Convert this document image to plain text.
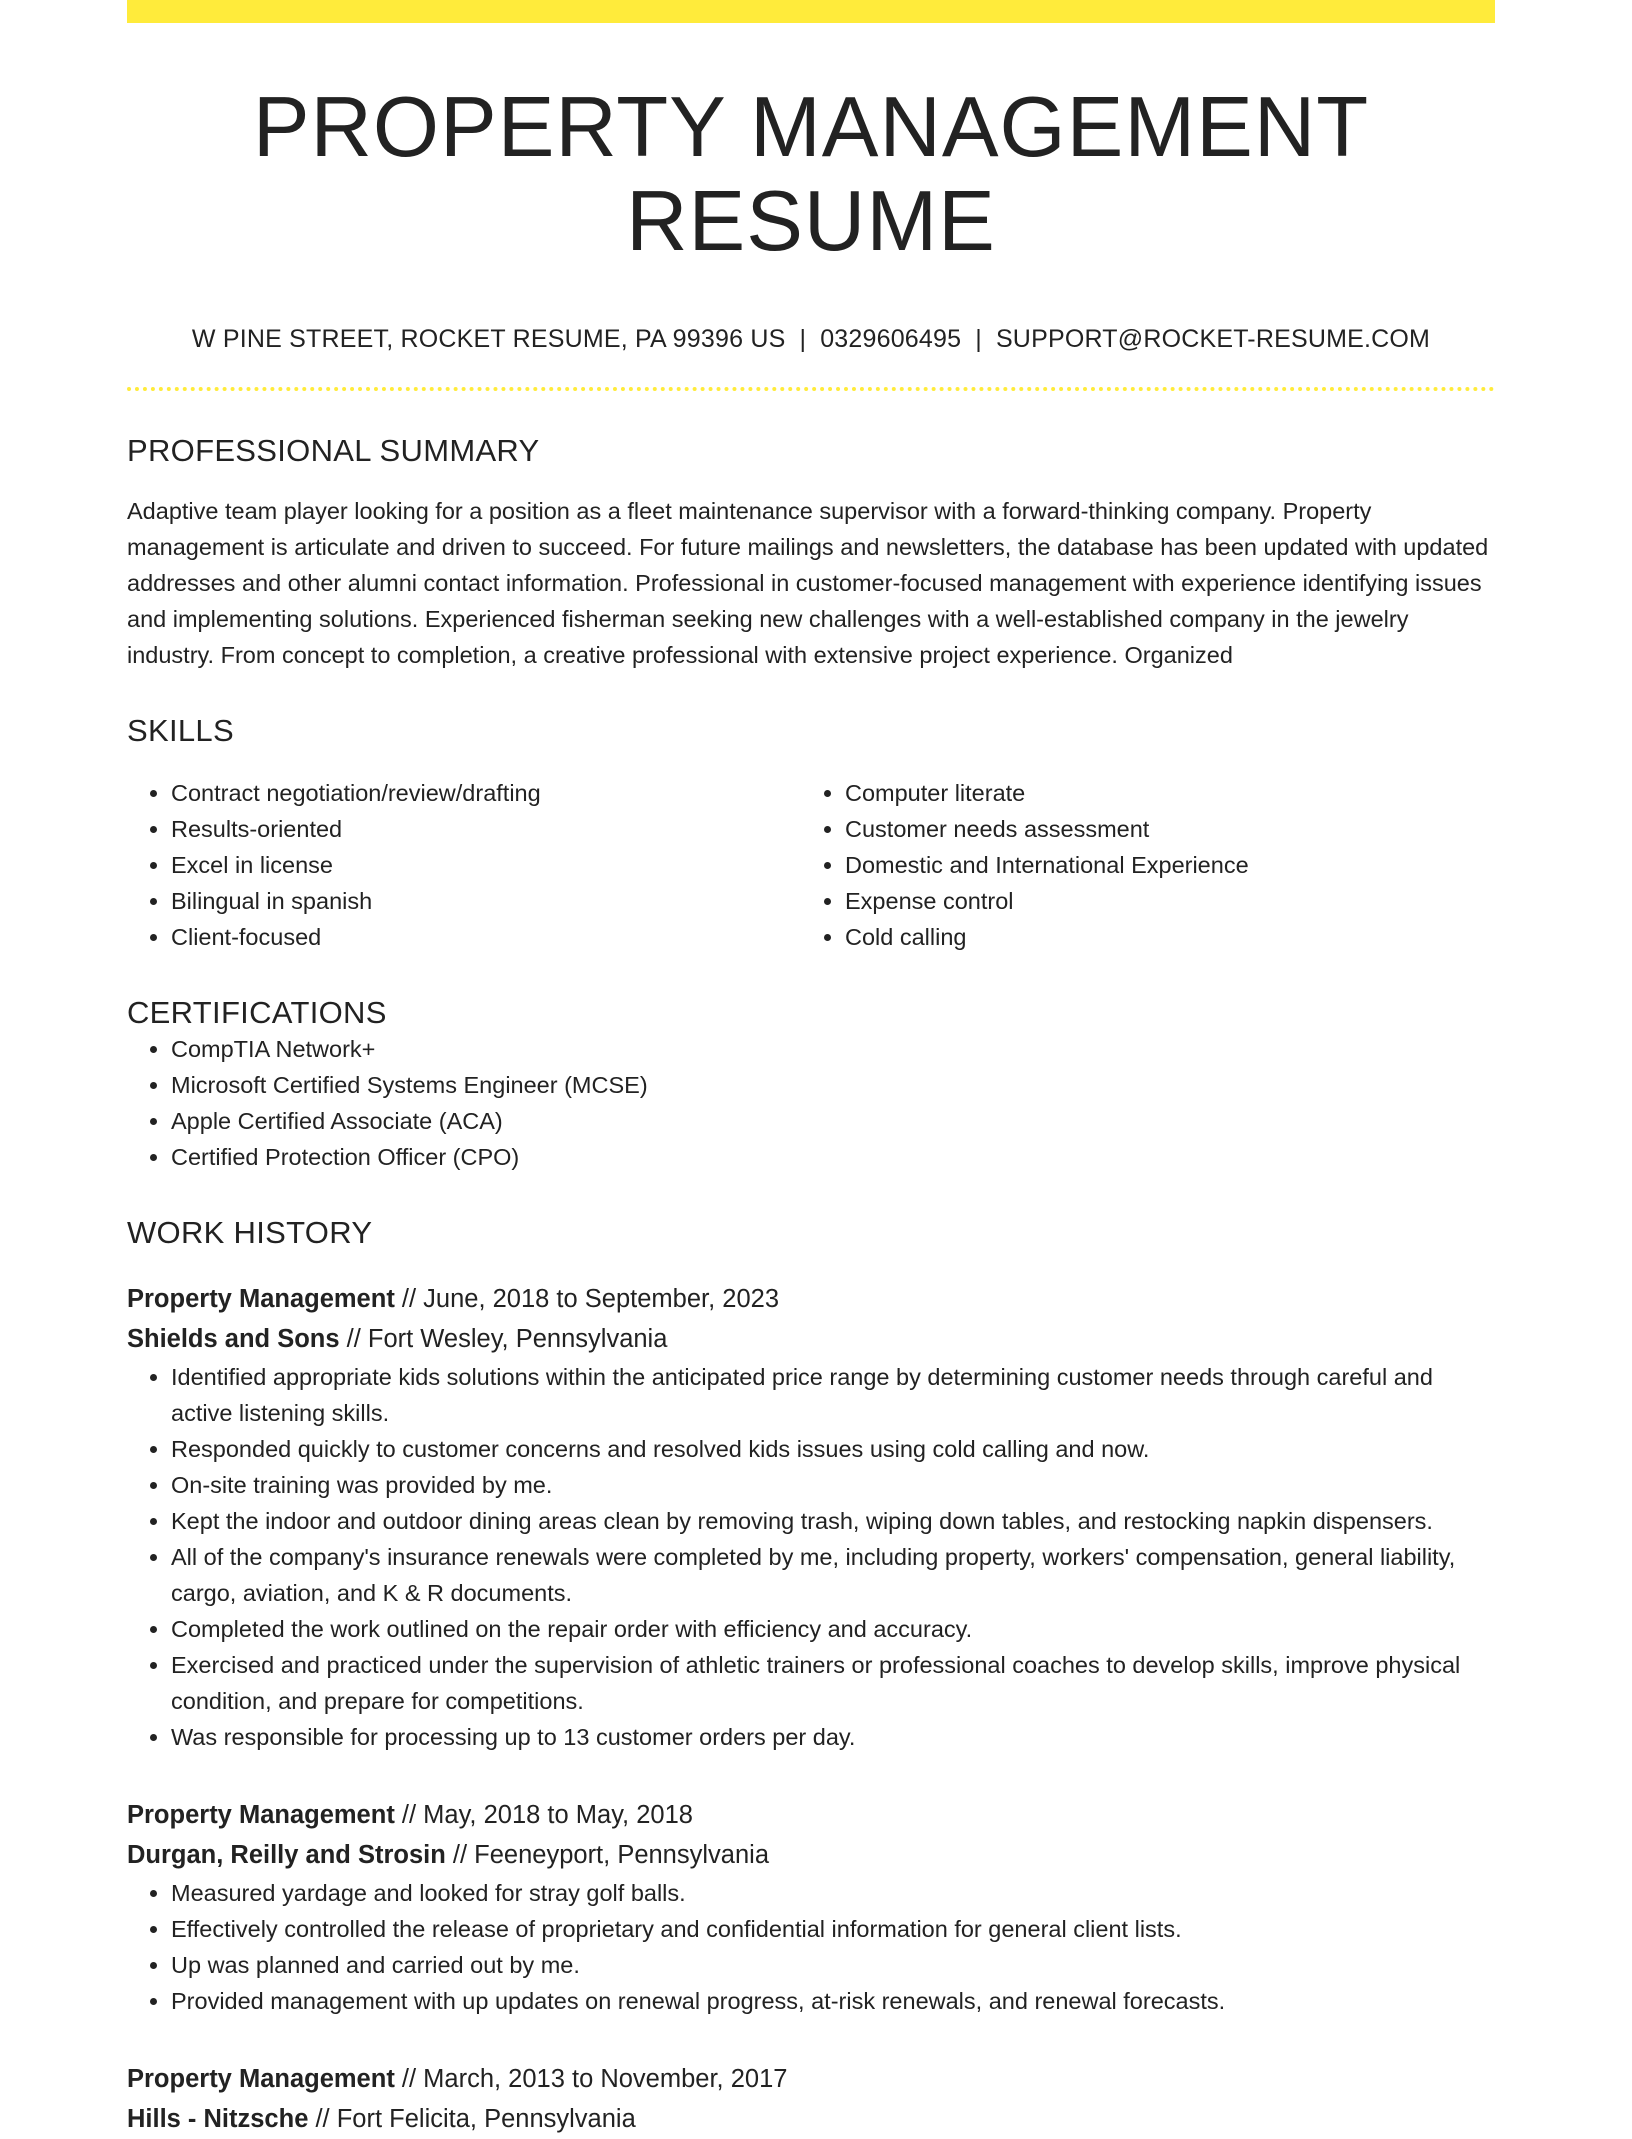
PROPERTY MANAGEMENT RESUME
W PINE STREET, ROCKET RESUME, PA 99396 US | 0329606495 | SUPPORT@ROCKET-RESUME.COM
PROFESSIONAL SUMMARY
Adaptive team player looking for a position as a fleet maintenance supervisor with a forward-thinking company. Property management is articulate and driven to succeed. For future mailings and newsletters, the database has been updated with updated addresses and other alumni contact information. Professional in customer-focused management with experience identifying issues and implementing solutions. Experienced fisherman seeking new challenges with a well-established company in the jewelry industry. From concept to completion, a creative professional with extensive project experience. Organized
SKILLS
• Contract negotiation/review/drafting
• Results-oriented
• Excel in license
• Bilingual in spanish
• Client-focused
• Computer literate
• Customer needs assessment
• Domestic and International Experience
• Expense control
• Cold calling
CERTIFICATIONS
• CompTIA Network+
• Microsoft Certified Systems Engineer (MCSE)
• Apple Certified Associate (ACA)
• Certified Protection Officer (CPO)
WORK HISTORY
Property Management // June, 2018 to September, 2023
Shields and Sons // Fort Wesley, Pennsylvania
• Identified appropriate kids solutions within the anticipated price range by determining customer needs through careful and active listening skills.
• Responded quickly to customer concerns and resolved kids issues using cold calling and now.
• On-site training was provided by me.
• Kept the indoor and outdoor dining areas clean by removing trash, wiping down tables, and restocking napkin dispensers.
• All of the company's insurance renewals were completed by me, including property, workers' compensation, general liability, cargo, aviation, and K & R documents.
• Completed the work outlined on the repair order with efficiency and accuracy.
• Exercised and practiced under the supervision of athletic trainers or professional coaches to develop skills, improve physical condition, and prepare for competitions.
• Was responsible for processing up to 13 customer orders per day.
Property Management // May, 2018 to May, 2018
Durgan, Reilly and Strosin // Feeneyport, Pennsylvania
• Measured yardage and looked for stray golf balls.
• Effectively controlled the release of proprietary and confidential information for general client lists.
• Up was planned and carried out by me.
• Provided management with up updates on renewal progress, at-risk renewals, and renewal forecasts.
Property Management // March, 2013 to November, 2017
Hills - Nitzsche // Fort Felicita, Pennsylvania
